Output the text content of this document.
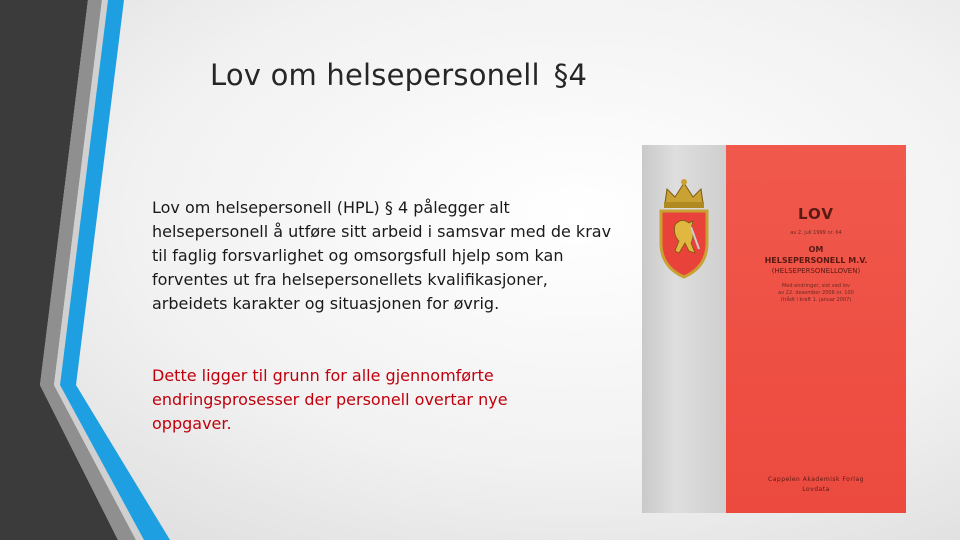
Lov om helsepersonell §4

Lov om helsepersonell (HPL) § 4 pålegger alt helsepersonell å utføre sitt arbeid i samsvar med de krav til faglig forsvarlighet og omsorgsfull hjelp som kan forventes ut fra helsepersonellets kvalifikasjoner, arbeidets karakter og situasjonen for øvrig.

Dette ligger til grunn for alle gjennomførte endringsprosesser der personell overtar nye oppgaver.

LOV
av 2. juli 1999 nr. 64
OM
HELSEPERSONELL M.V.
(HELSEPERSONELLOVEN)
Med endringer, sist ved lov
av 22. desember 2006 nr. 100
(trådt i kraft 1. januar 2007)
Cappelen Akademisk Forlag
Lovdata
